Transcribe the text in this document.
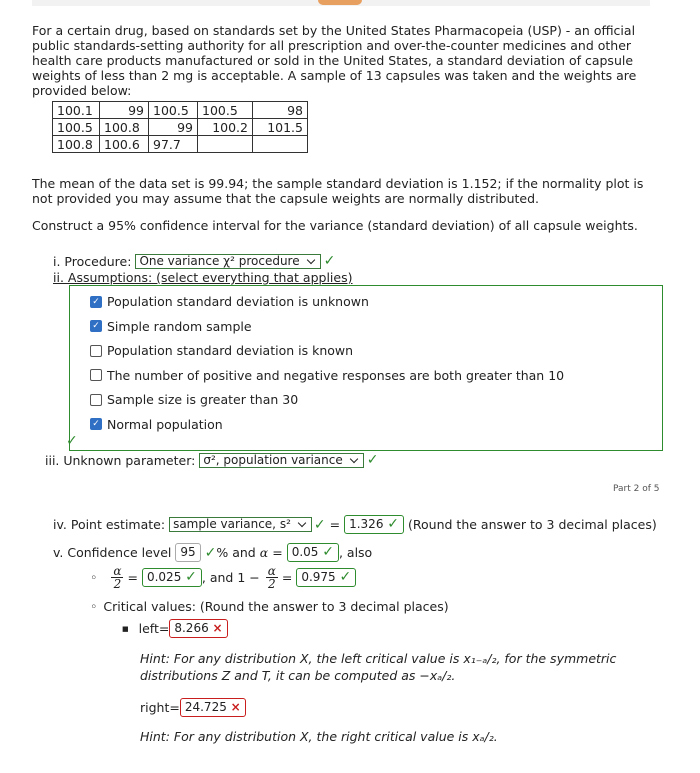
For a certain drug, based on standards set by the United States Pharmacopeia (USP) - an official public standards-setting authority for all prescription and over-the-counter medicines and other health care products manufactured or sold in the United States, a standard deviation of capsule weights of less than 2 mg is acceptable. A sample of 13 capsules was taken and the weights are provided below:
100.1	99	100.5	100.5	98
100.5	100.8	99	100.2	101.5
100.8	100.6	97.7		
The mean of the data set is 99.94; the sample standard deviation is 1.152; if the normality plot is not provided you may assume that the capsule weights are normally distributed.
Construct a 95% confidence interval for the variance (standard deviation) of all capsule weights.
i. Procedure: One variance χ² procedure	✓
ii. Assumptions: (select everything that applies)
✓ Population standard deviation is unknown
✓ Simple random sample
Population standard deviation is known
The number of positive and negative responses are both greater than 10
Sample size is greater than 30
✓ Normal population
✓
iii. Unknown parameter: σ², population variance	✓
Part 2 of 5
iv. Point estimate: sample variance, s²	✓ = 1.326 ✓ (Round the answer to 3 decimal places)
v. Confidence level 95 ✓ % and α = 0.05 ✓ , also
◦ $\frac{\alpha}{2} = 0.025$ ✓ , and $1 - \frac{\alpha}{2} = 0.975$ ✓
◦ Critical values: (Round the answer to 3 decimal places)
■ left= 8.266 ×
Hint: For any distribution X, the left critical value is x₁₋ₐ/₂, for the symmetric distributions Z and T, it can be computed as −xₐ/₂.
right= 24.725 ×
Hint: For any distribution X, the right critical value is xₐ/₂.
